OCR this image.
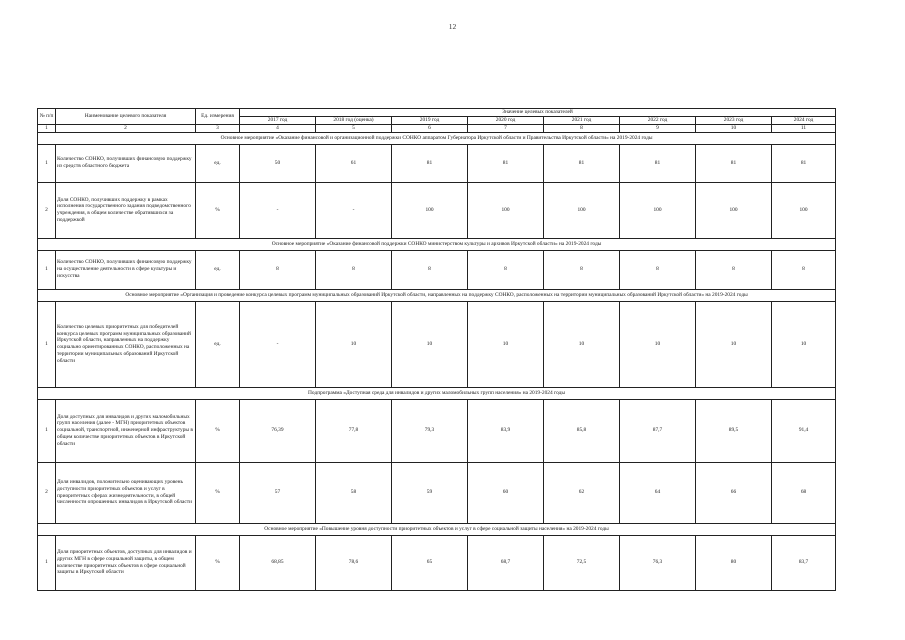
12
№ п/п	Наименование целевого показателя	Ед. измерения	Значение целевых показателей							
			2017 год	2018 год (оценка)	2019 год	2020 год	2021 год	2022 год	2023 год	2024 год
1	2	3	4	5	6	7	8	9	10	11
Основное мероприятие «Оказание финансовой и организационной поддержки СОНКО аппаратом Губернатора Иркутской области и Правительства Иркутской области» на 2019-2024 годы										
1	Количество СОНКО, получивших финансовую поддержку из средств областного бюджета	ед.	50	61	81	81	81	81	81	81
2	Доля СОНКО, получивших поддержку в рамках исполнения государственного задания подведомственного учреждения, в общем количестве обратившихся за поддержкой	%	-	-	100	100	100	100	100	100
Основное мероприятие «Оказание финансовой поддержки СОНКО министерством культуры и архивов Иркутской области» на 2019-2024 годы										
1	Количество СОНКО, получивших финансовую поддержку на осуществление деятельности в сфере культуры и искусства	ед.	8	8	8	8	8	8	8	8
Основное мероприятие «Организация и проведение конкурса целевых программ муниципальных образований Иркутской области, направленных на поддержку СОНКО, расположенных на территории муниципальных образований Иркутской области» на 2019-2024 годы										
1	Количество целевых приоритетных для победителей конкурса целевых программ муниципальных образований Иркутской области, направленных на поддержку социально ориентированных СОНКО, расположенных на территории муниципальных образований Иркутской области	ед.	-	10	10	10	10	10	10	10
Подпрограмма «Доступная среда для инвалидов и других маломобильных групп населения» на 2019-2024 годы										
1	Доля доступных для инвалидов и других маломобильных групп населения (далее - МГН) приоритетных объектов социальной, транспортной, инженерной инфраструктуры в общем количестве приоритетных объектов в Иркутской области	%	76,39	77,8	79,3	83,9	85,8	87,7	89,5	91,4
2	Доля инвалидов, положительно оценивающих уровень доступности приоритетных объектов и услуг в приоритетных сферах жизнедеятельности, в общей численности опрошенных инвалидов в Иркутской области	%	57	58	59	60	62	64	66	68
Основное мероприятие «Повышение уровня доступности приоритетных объектов и услуг в сфере социальной защиты населения» на 2019-2024 годы										
1	Доля приоритетных объектов, доступных для инвалидов и других МГН в сфере социальной защиты, в общем количестве приоритетных объектов в сфере социальной защиты в Иркутской области	%	68,85	78,6	65	68,7	72,5	76,3	80	83,7
